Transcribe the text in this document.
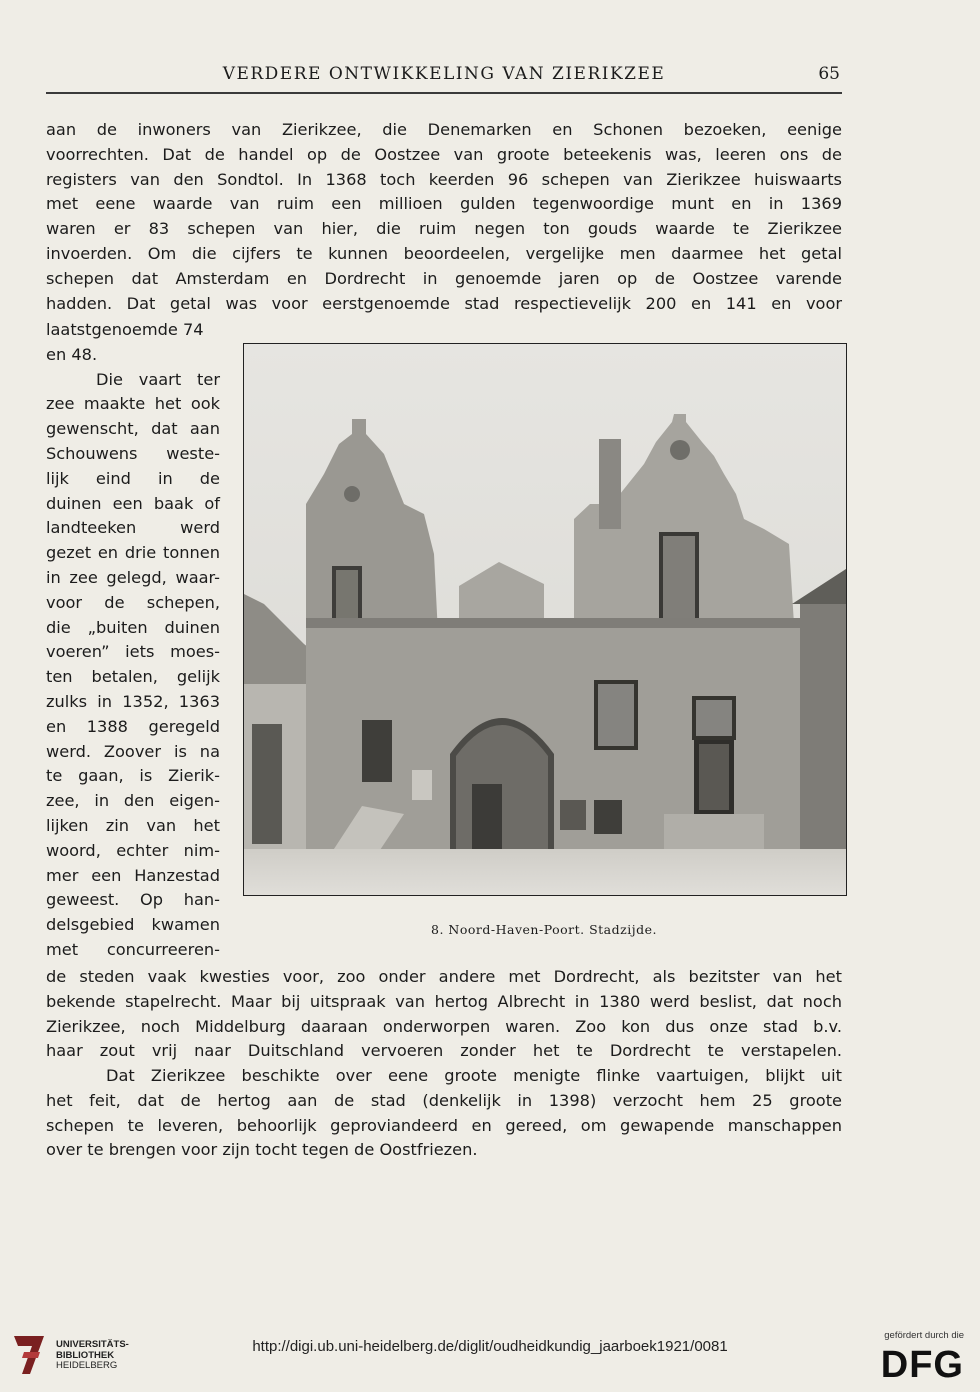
VERDERE ONTWIKKELING VAN ZIERIKZEE	65
aan de inwoners van Zierikzee, die Denemarken en Schonen bezoeken, eenige
voorrechten. Dat de handel op de Oostzee van groote beteekenis was, leeren ons de
registers van den Sondtol. In 1368 toch keerden 96 schepen van Zierikzee huiswaarts
met eene waarde van ruim een millioen gulden tegenwoordige munt en in 1369
waren er 83 schepen van hier, die ruim negen ton gouds waarde te Zierikzee
invoerden. Om die cijfers te kunnen beoordeelen, vergelijke men daarmee het getal
schepen dat Amsterdam en Dordrecht in genoemde jaren op de Oostzee varende
hadden. Dat getal was voor eerstgenoemde stad respectievelijk 200 en 141 en voor
laatstgenoemde 74
en 48.
Die vaart ter
zee maakte het ook
gewenscht, dat aan
Schouwens weste-
lijk eind in de
duinen een baak of
landteeken werd
gezet en drie tonnen
in zee gelegd, waar-
voor de schepen,
die „buiten duinen
voeren” iets moes-
ten betalen, gelijk
zulks in 1352, 1363
en 1388 geregeld
werd. Zoover is na
te gaan, is Zierik-
zee, in den eigen-
lijken zin van het
woord, echter nim-
mer een Hanzestad
geweest. Op han-
delsgebied kwamen
met concurreeren-
8. Noord-Haven-Poort. Stadzijde.
de steden vaak kwesties voor, zoo onder andere met Dordrecht, als bezitster van het
bekende stapelrecht. Maar bij uitspraak van hertog Albrecht in 1380 werd beslist, dat noch
Zierikzee, noch Middelburg daaraan onderworpen waren. Zoo kon dus onze stad b.v.
haar zout vrij naar Duitschland vervoeren zonder het te Dordrecht te verstapelen.
Dat Zierikzee beschikte over eene groote menigte flinke vaartuigen, blijkt uit
het feit, dat de hertog aan de stad (denkelijk in 1398) verzocht hem 25 groote
schepen te leveren, behoorlijk geproviandeerd en gereed, om gewapende manschappen
over te brengen voor zijn tocht tegen de Oostfriezen.
UNIVERSITÄTS-
BIBLIOTHEK
HEIDELBERG
http://digi.ub.uni-heidelberg.de/diglit/oudheidkundig_jaarboek1921/0081
gefördert durch die
DFG
